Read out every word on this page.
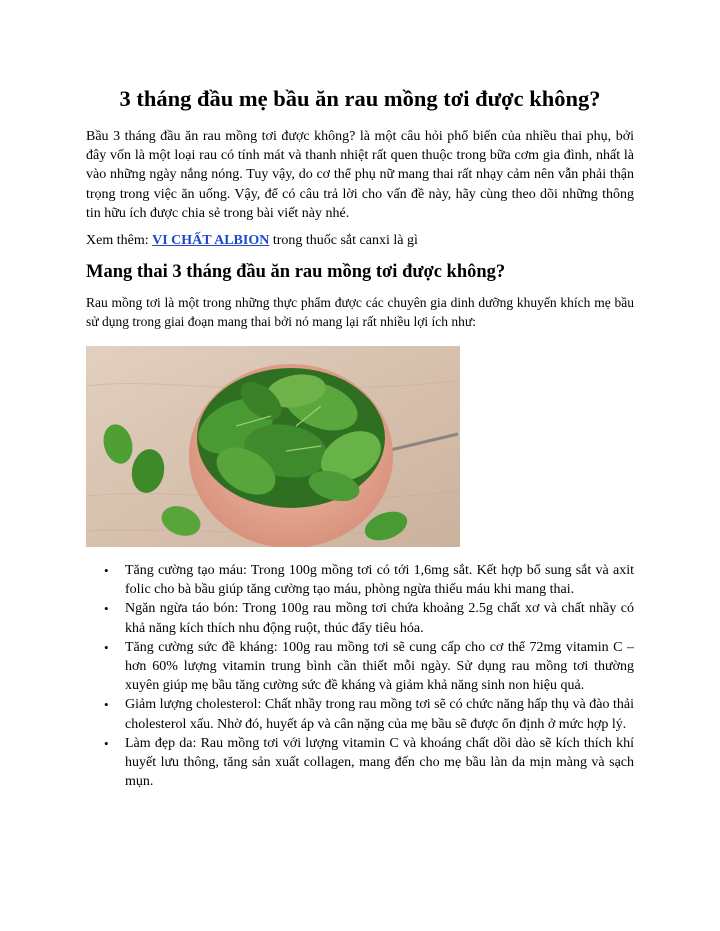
3 tháng đầu mẹ bầu ăn rau mồng tơi được không?

Bầu 3 tháng đầu ăn rau mồng tơi được không? là một câu hỏi phổ biến của nhiều thai phụ, bởi đây vốn là một loại rau có tính mát và thanh nhiệt rất quen thuộc trong bữa cơm gia đình, nhất là vào những ngày nắng nóng. Tuy vậy, do cơ thể phụ nữ mang thai rất nhạy cảm nên vẫn phải thận trọng trong việc ăn uống. Vậy, để có câu trả lời cho vấn đề này, hãy cùng theo dõi những thông tin hữu ích được chia sẻ trong bài viết này nhé.

Xem thêm: VI CHẤT ALBION trong thuốc sắt canxi là gì

Mang thai 3 tháng đầu ăn rau mồng tơi được không?

Rau mồng tơi là một trong những thực phẩm được các chuyên gia dinh dưỡng khuyến khích mẹ bầu sử dụng trong giai đoạn mang thai bởi nó mang lại rất nhiều lợi ích như:

• Tăng cường tạo máu: Trong 100g mồng tơi có tới 1,6mg sắt. Kết hợp bổ sung sắt và axit folic cho bà bầu giúp tăng cường tạo máu, phòng ngừa thiếu máu khi mang thai.
• Ngăn ngừa táo bón: Trong 100g rau mồng tơi chứa khoảng 2.5g chất xơ và chất nhầy có khả năng kích thích nhu động ruột, thúc đẩy tiêu hóa.
• Tăng cường sức đề kháng: 100g rau mồng tơi sẽ cung cấp cho cơ thể 72mg vitamin C – hơn 60% lượng vitamin trung bình cần thiết mỗi ngày. Sử dụng rau mồng tơi thường xuyên giúp mẹ bầu tăng cường sức đề kháng và giảm khả năng sinh non hiệu quả.
• Giảm lượng cholesterol: Chất nhầy trong rau mồng tơi sẽ có chức năng hấp thụ và đào thải cholesterol xấu. Nhờ đó, huyết áp và cân nặng của mẹ bầu sẽ được ổn định ở mức hợp lý.
• Làm đẹp da: Rau mồng tơi với lượng vitamin C và khoáng chất dồi dào sẽ kích thích khí huyết lưu thông, tăng sản xuất collagen, mang đến cho mẹ bầu làn da mịn màng và sạch mụn.
